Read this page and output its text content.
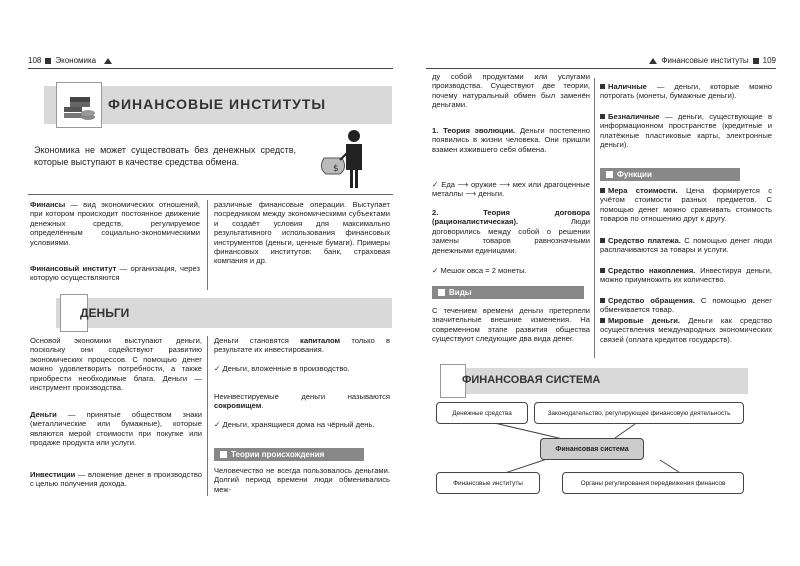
108 Экономика	Финансовые институты 109
ФИНАНСОВЫЕ ИНСТИТУТЫ
Экономика не может существовать без денежных средств, которые выступают в качестве средства обмена.
$
Финансы — вид экономических отношений, при котором происходит постоянное движение денежных средств, регулируемое определённым социально-экономическими условиями.
Финансовый институт — организация, через которую осуществляются
различные финансовые операции. Выступает посредником между экономическими субъектами и создаёт условия для максимально результативного использования финансовых инструментов (деньги, ценные бумаги). Примеры финансовых институтов: банк, страховая компания и др.
ДЕНЬГИ
Основой экономики выступают деньги, поскольку они содействуют развитию экономических процессов. С помощью денег можно удовлетворить потребности, а также приобрести необходимые блага. Деньги — инструмент производства.
Деньги — принятые обществом знаки (металлические или бумажные), которые являются мерой стоимости при покупке или продаже продукта или услуги.
Инвестиции — вложение денег в производство с целью получения дохода.
Деньги становятся капиталом только в результате их инвестирования.
✓ Деньги, вложенные в производство.
Неинвестируемые деньги называются сокровищем.
✓ Деньги, хранящиеся дома на чёрный день.
Теории происхождения
Человечество не всегда пользовалось деньгами. Долгий период времени люди обменивались меж-
ду собой продуктами или услугами производства. Существуют две теории, почему натуральный обмен был заменён деньгами.
1. Теория эволюции. Деньги постепенно появились в жизни человека. Они пришли взамен изжившего себя обмена.
✓ Еда ⟶ оружие ⟶ мех или драгоценные металлы ⟶ деньги.
2. Теория договора (рационалистическая). Люди договорились между собой о решении замены товаров равнозначными денежными единицами.
✓ Мешок овса = 2 монеты.
Виды
С течением времени деньги претерпели значительные внешние изменения. На современном этапе развития общества существуют следующие два вида денег.
Наличные — деньги, которые можно потрогать (монеты, бумажные деньги).
Безналичные — деньги, существующие в информационном пространстве (кредитные и платёжные пластиковые карты, электронные деньги).
Функции
Мера стоимости. Цена формируется с учётом стоимости разных предметов. С помощью денег можно сравнивать стоимость товаров по отношению друг к другу.
Средство платежа. С помощью денег люди расплачиваются за товары и услуги.
Средство накопления. Инвестируя деньги, можно приумножить их количество.
Средство обращения. С помощью денег обменивается товар.
Мировые деньги. Деньги как средство осуществления международных экономических связей (оплата кредитов государств).
ФИНАНСОВАЯ СИСТЕМА
Денежные средства	Законодательство, регулирующее финансовую деятельность
Финансовая система
Финансовые институты	Органы регулирования передвижения финансов
